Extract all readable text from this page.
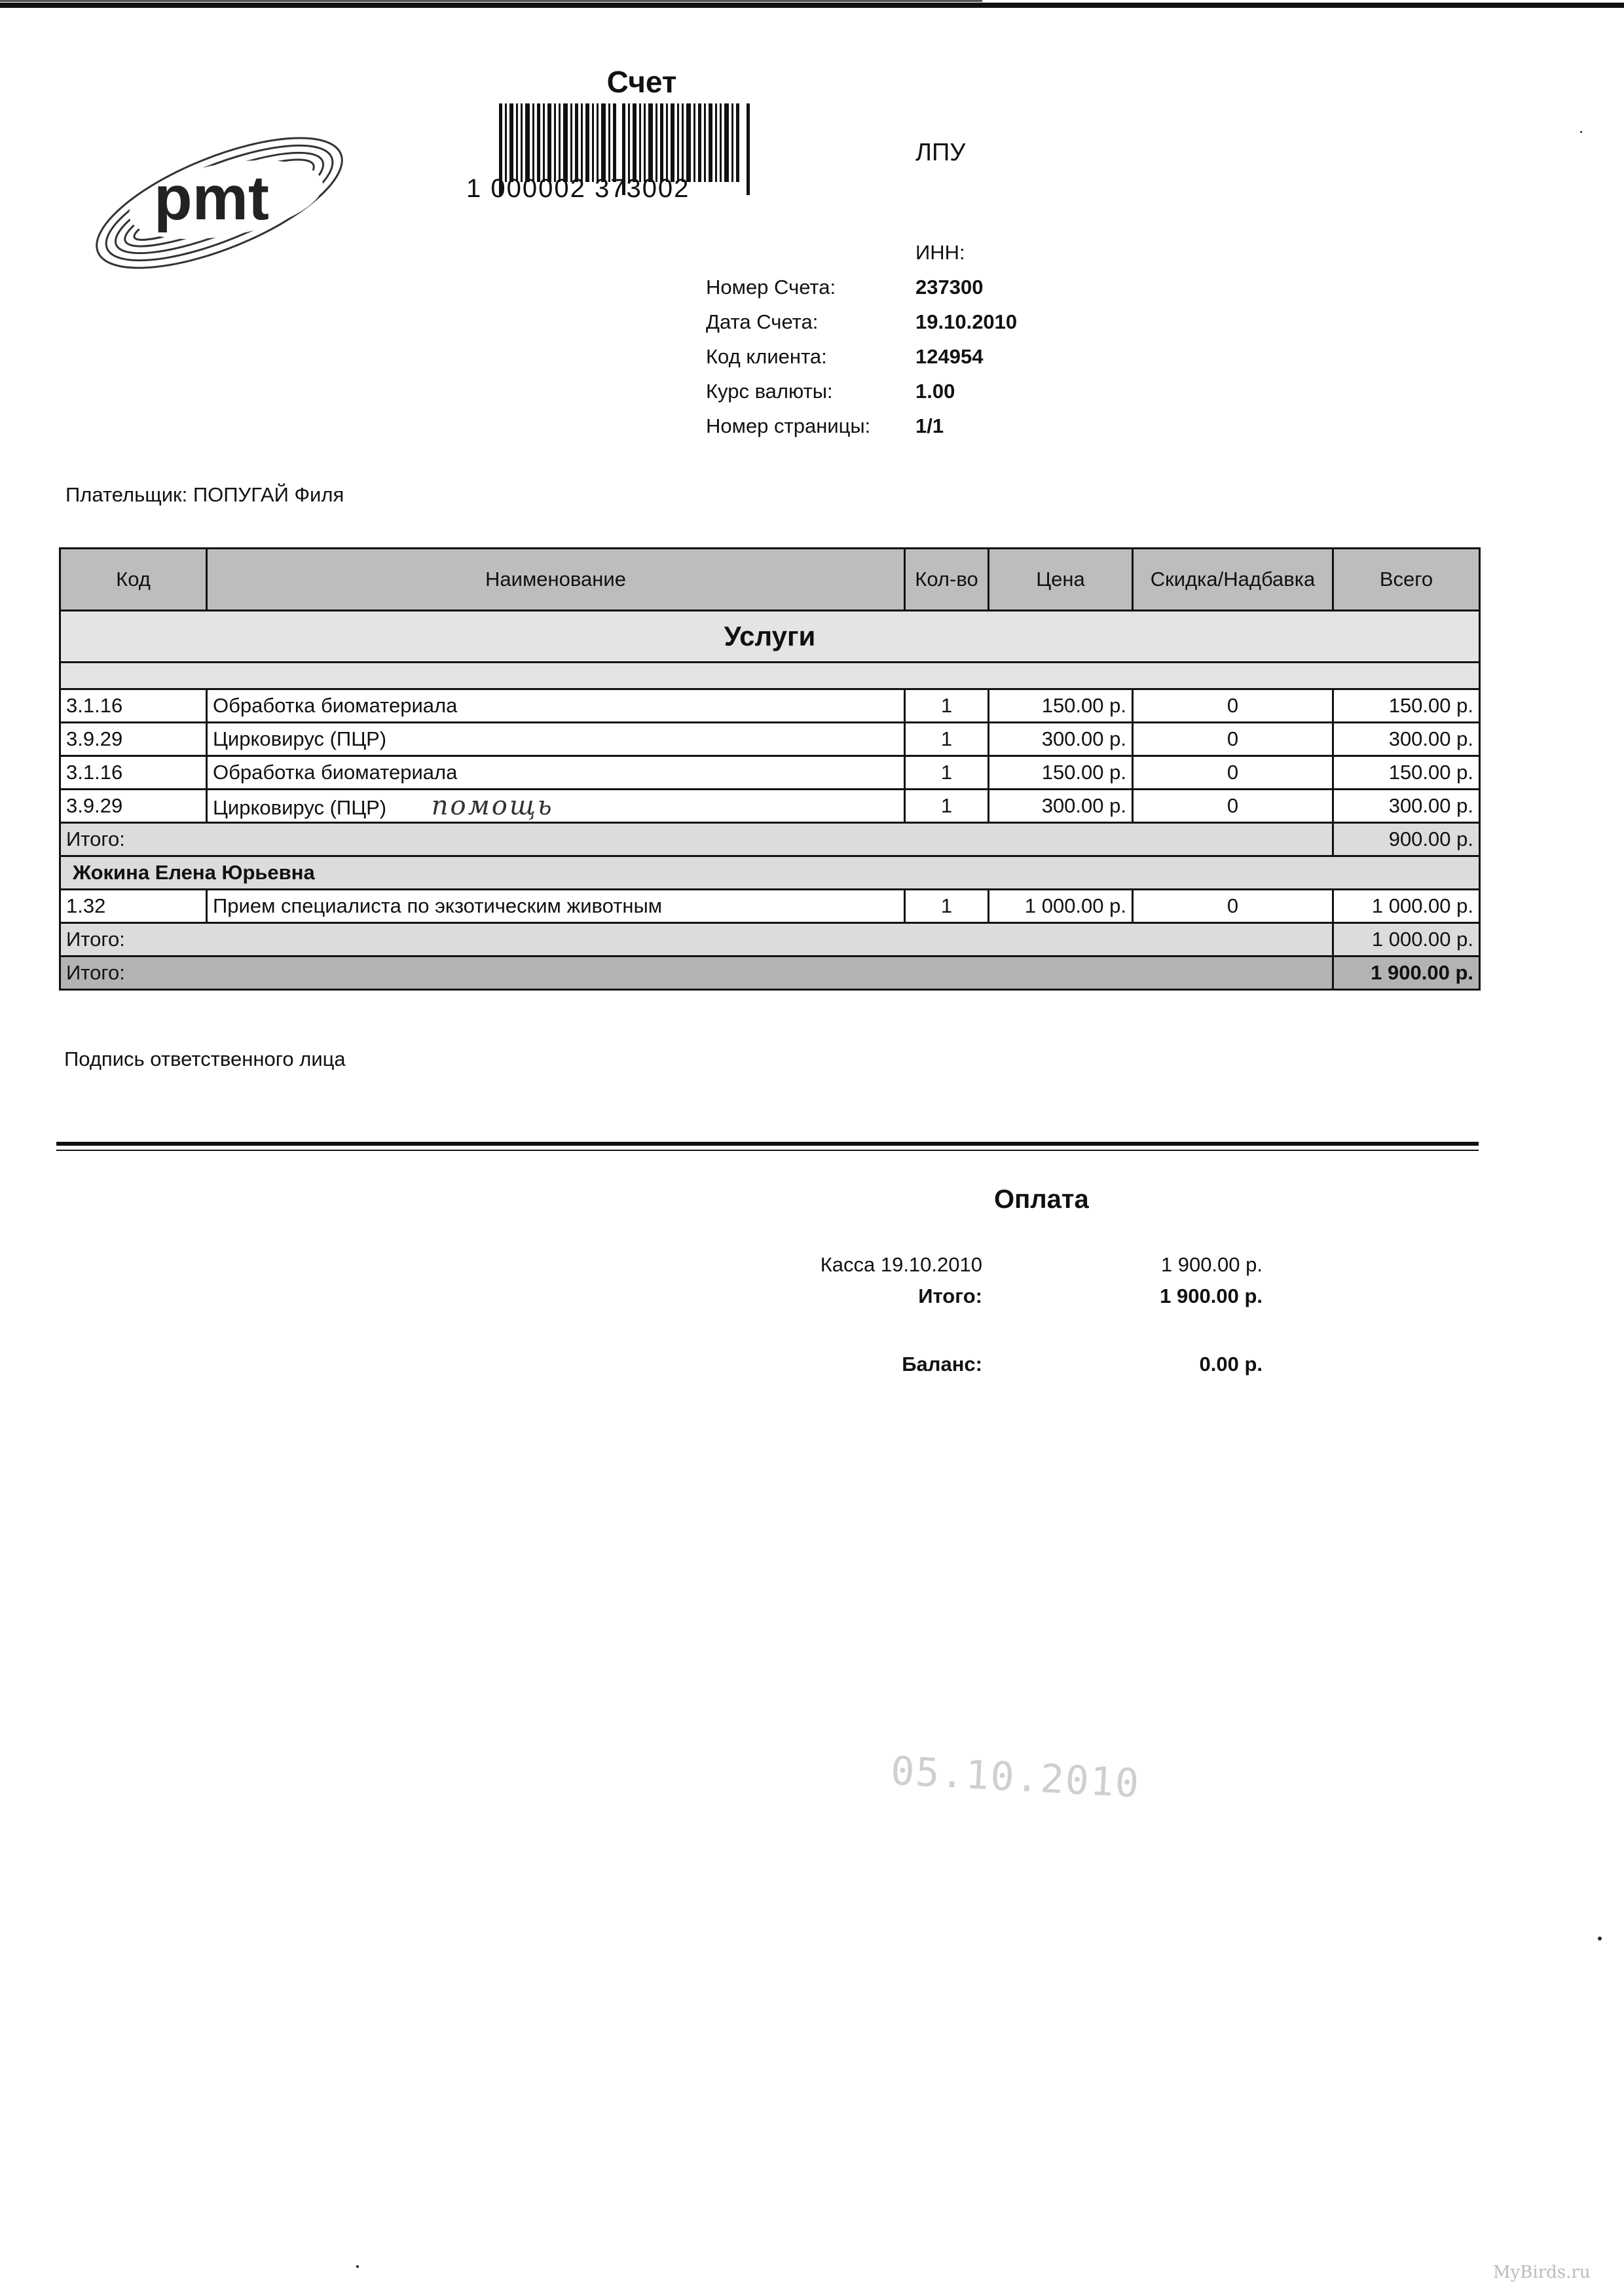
pmt
Счет
1 000002 373002
ЛПУ
ИНН:
Номер Счета:	237300
Дата Счета:	19.10.2010
Код клиента:	124954
Курс валюты:	1.00
Номер страницы:	1/1
Плательщик: ПОПУГАЙ Филя
Код	Наименование	Кол-во	Цена	Скидка/Надбавка	Всего
Услуги					

3.1.16	Обработка биоматериала	1	150.00 р.	0	150.00 р.
3.9.29	Цирковирус (ПЦР)	1	300.00 р.	0	300.00 р.
3.1.16	Обработка биоматериала	1	150.00 р.	0	150.00 р.
3.9.29	Цирковирус (ПЦР) помощь	1	300.00 р.	0	300.00 р.
Итого:					900.00 р.
Жокина Елена Юрьевна					
1.32	Прием специалиста по экзотическим животным	1	1 000.00 р.	0	1 000.00 р.
Итого:					1 000.00 р.
Итого:					1 900.00 р.
Подпись ответственного лица
Оплата
Касса 19.10.2010	1 900.00 р.
Итого:	1 900.00 р.
Баланс:	0.00 р.
05.10.2010
MyBirds.ru
